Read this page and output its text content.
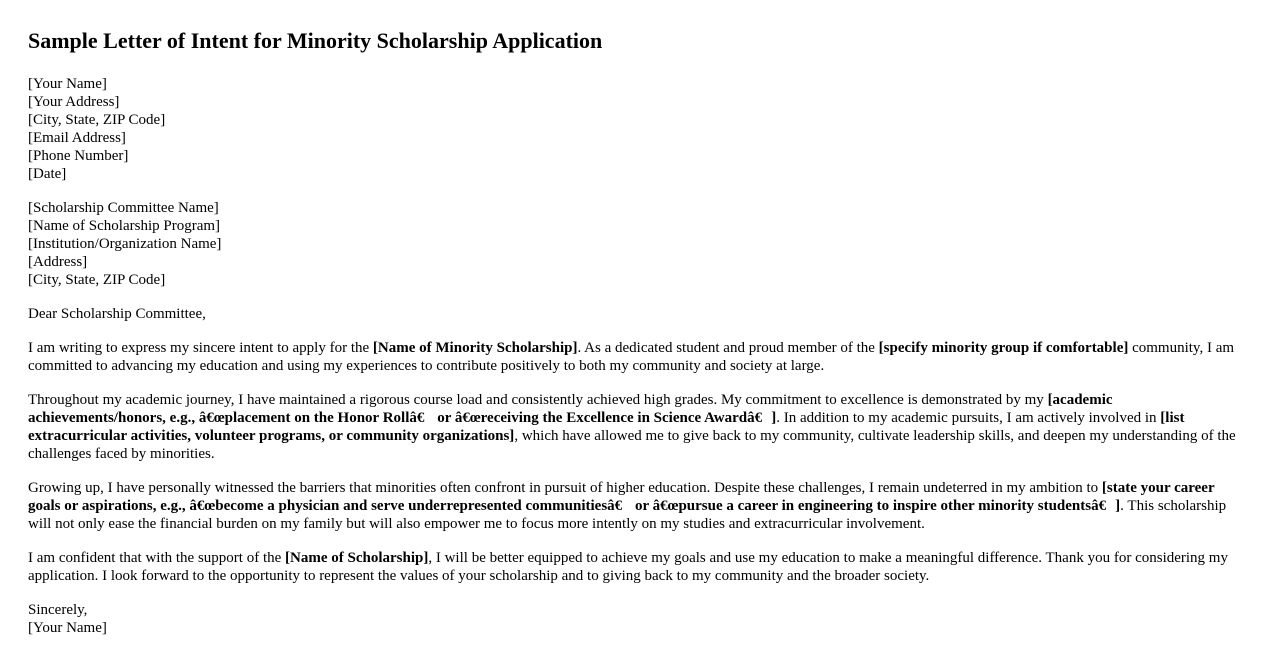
Sample Letter of Intent for Minority Scholarship Application
[Your Name]
[Your Address]
[City, State, ZIP Code]
[Email Address]
[Phone Number]
[Date]
[Scholarship Committee Name]
[Name of Scholarship Program]
[Institution/Organization Name]
[Address]
[City, State, ZIP Code]

Dear Scholarship Committee,

I am writing to express my sincere intent to apply for the [Name of Minority Scholarship]. As a dedicated student and proud member of the [specify minority group if comfortable] community, I am committed to advancing my education and using my experiences to contribute positively to both my community and society at large.

Throughout my academic journey, I have maintained a rigorous course load and consistently achieved high grades. My commitment to excellence is demonstrated by my [academic achievements/honors, e.g., â€œplacement on the Honor Rollâ€ or â€œreceiving the Excellence in Science Awardâ€]. In addition to my academic pursuits, I am actively involved in [list extracurricular activities, volunteer programs, or community organizations], which have allowed me to give back to my community, cultivate leadership skills, and deepen my understanding of the challenges faced by minorities.

Growing up, I have personally witnessed the barriers that minorities often confront in pursuit of higher education. Despite these challenges, I remain undeterred in my ambition to [state your career goals or aspirations, e.g., â€œbecome a physician and serve underrepresented communitiesâ€ or â€œpursue a career in engineering to inspire other minority studentsâ€]. This scholarship will not only ease the financial burden on my family but will also empower me to focus more intently on my studies and extracurricular involvement.

I am confident that with the support of the [Name of Scholarship], I will be better equipped to achieve my goals and use my education to make a meaningful difference. Thank you for considering my application. I look forward to the opportunity to represent the values of your scholarship and to giving back to my community and the broader society.

Sincerely,
[Your Name]
